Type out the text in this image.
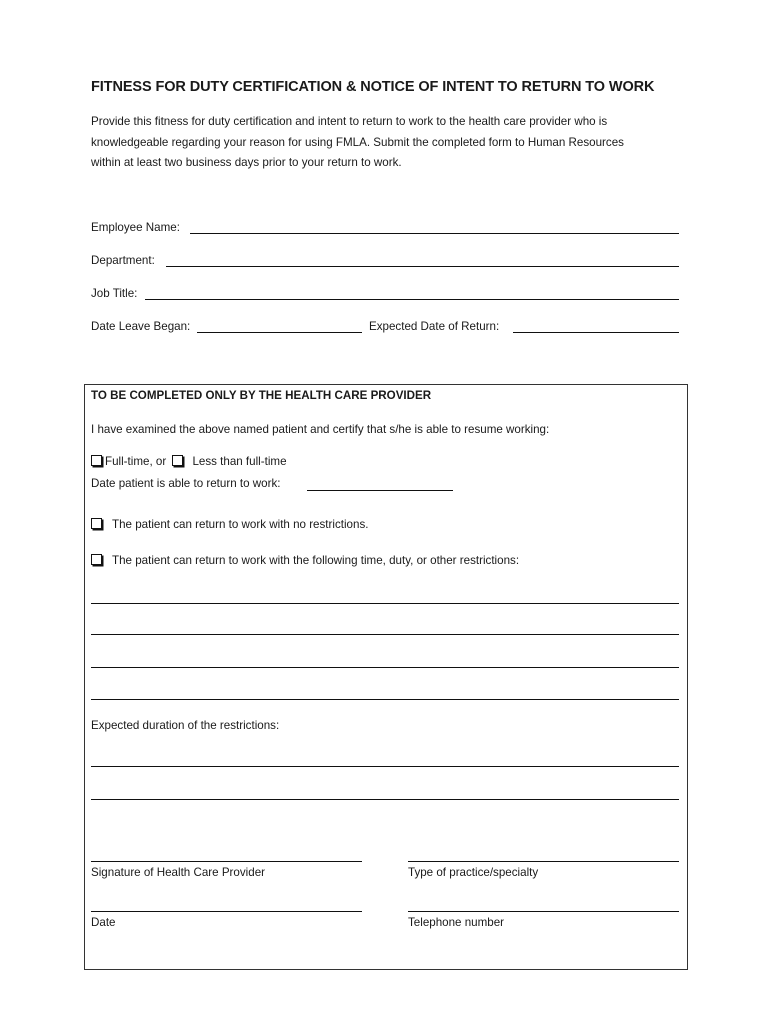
FITNESS FOR DUTY CERTIFICATION & NOTICE OF INTENT TO RETURN TO WORK
Provide this fitness for duty certification and intent to return to work to the health care provider who is
knowledgeable regarding your reason for using FMLA. Submit the completed form to Human Resources
within at least two business days prior to your return to work.
Employee Name:
Department:
Job Title:
Date Leave Began:	Expected Date of Return:
TO BE COMPLETED ONLY BY THE HEALTH CARE PROVIDER
I have examined the above named patient and certify that s/he is able to resume working:
Full-time, or Less than full-time
Date patient is able to return to work:
The patient can return to work with no restrictions.
The patient can return to work with the following time, duty, or other restrictions:
Expected duration of the restrictions:
Signature of Health Care Provider	Type of practice/specialty
Date	Telephone number
